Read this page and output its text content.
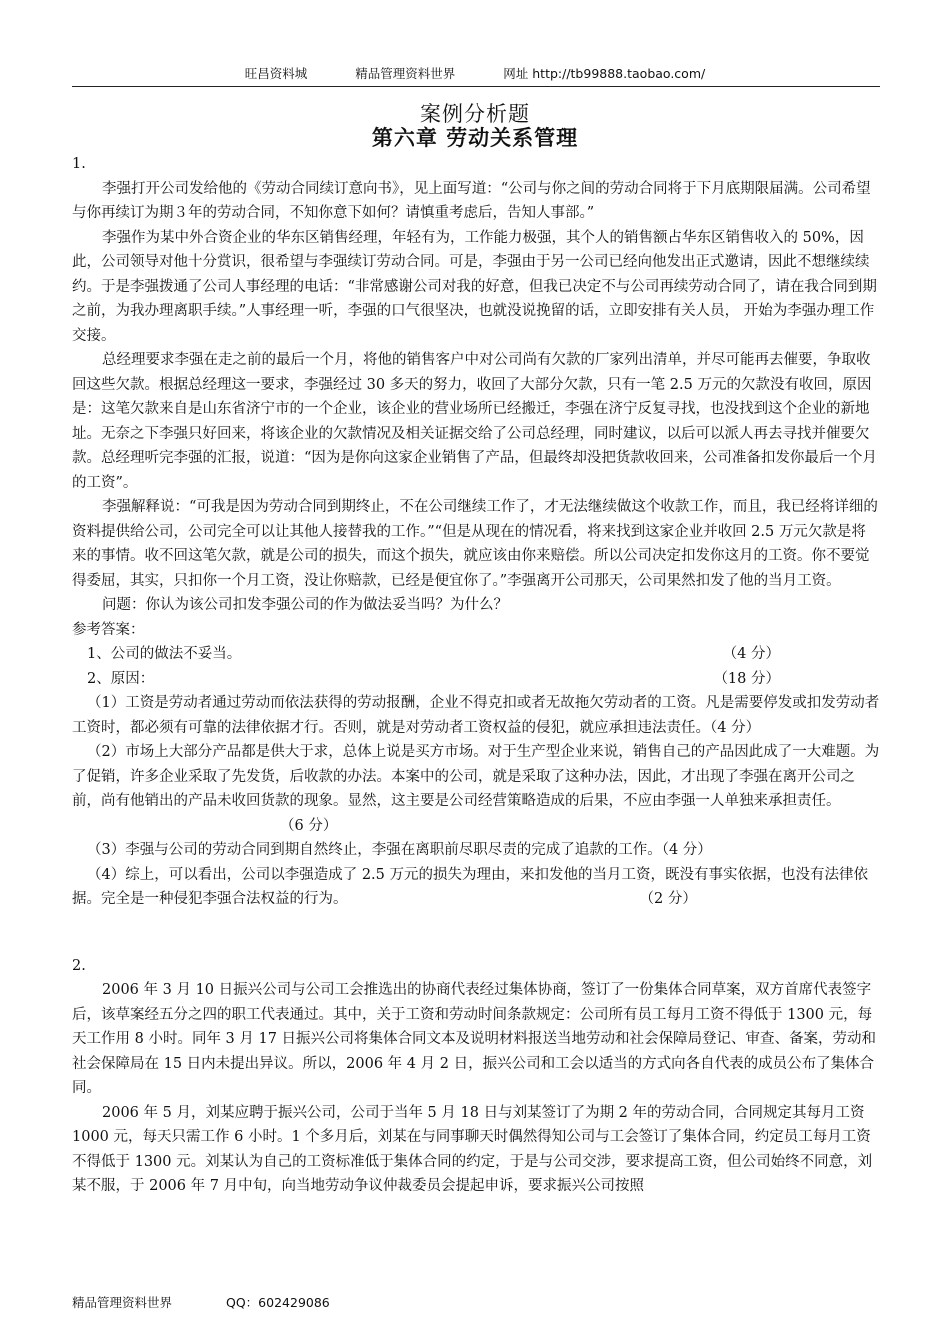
旺昌资料城	精品管理资料世界	网址 http://tb99888.taobao.com/
案例分析题
第六章 劳动关系管理

1.

李强打开公司发给他的《劳动合同续订意向书》，见上面写道：“公司与你之间的劳动合同将于下月底期限届满。公司希望与你再续订为期３年的劳动合同，不知你意下如何？请慎重考虑后，告知人事部。”

李强作为某中外合资企业的华东区销售经理，年轻有为，工作能力极强，其个人的销售额占华东区销售收入的 50%，因此，公司领导对他十分赏识，很希望与李强续订劳动合同。可是，李强由于另一公司已经向他发出正式邀请，因此不想继续续约。于是李强拨通了公司人事经理的电话：“非常感谢公司对我的好意，但我已决定不与公司再续劳动合同了，请在我合同到期之前，为我办理离职手续。”人事经理一听，李强的口气很坚决，也就没说挽留的话，立即安排有关人员， 开始为李强办理工作交接。

总经理要求李强在走之前的最后一个月，将他的销售客户中对公司尚有欠款的厂家列出清单，并尽可能再去催要，争取收回这些欠款。根据总经理这一要求，李强经过 30 多天的努力，收回了大部分欠款，只有一笔 2.5 万元的欠款没有收回，原因是：这笔欠款来自是山东省济宁市的一个企业，该企业的营业场所已经搬迁，李强在济宁反复寻找，也没找到这个企业的新地址。无奈之下李强只好回来，将该企业的欠款情况及相关证据交给了公司总经理，同时建议，以后可以派人再去寻找并催要欠款。总经理听完李强的汇报，说道：“因为是你向这家企业销售了产品，但最终却没把货款收回来，公司准备扣发你最后一个月的工资”。

李强解释说：“可我是因为劳动合同到期终止，不在公司继续工作了，才无法继续做这个收款工作，而且，我已经将详细的资料提供给公司，公司完全可以让其他人接替我的工作。”“但是从现在的情况看，将来找到这家企业并收回 2.5 万元欠款是将来的事情。收不回这笔欠款，就是公司的损失，而这个损失，就应该由你来赔偿。所以公司决定扣发你这月的工资。你不要觉得委屈，其实，只扣你一个月工资，没让你赔款，已经是便宜你了。”李强离开公司那天，公司果然扣发了他的当月工资。

问题：你认为该公司扣发李强公司的作为做法妥当吗？为什么？

参考答案：

1、公司的做法不妥当。	（4 分）
2、原因：	（18 分）

（1）工资是劳动者通过劳动而依法获得的劳动报酬，企业不得克扣或者无故拖欠劳动者的工资。凡是需要停发或扣发劳动者工资时，都必须有可靠的法律依据才行。否则，就是对劳动者工资权益的侵犯，就应承担违法责任。（4 分）

（2）市场上大部分产品都是供大于求，总体上说是买方市场。对于生产型企业来说，销售自己的产品因此成了一大难题。为了促销，许多企业采取了先发货，后收款的办法。本案中的公司，就是采取了这种办法，因此，才出现了李强在离开公司之前，尚有他销出的产品未收回货款的现象。显然，这主要是公司经营策略造成的后果，不应由李强一人单独来承担责任。（6 分）

（3）李强与公司的劳动合同到期自然终止，李强在离职前尽职尽责的完成了追款的工作。（4 分）

（4）综上，可以看出，公司以李强造成了 2.5 万元的损失为理由，来扣发他的当月工资，既没有事实依据，也没有法律依据。完全是一种侵犯李强合法权益的行为。	（2 分）

2.

2006 年 3 月 10 日振兴公司与公司工会推选出的协商代表经过集体协商，签订了一份集体合同草案，双方首席代表签字后，该草案经五分之四的职工代表通过。其中，关于工资和劳动时间条款规定：公司所有员工每月工资不得低于 1300 元，每天工作用 8 小时。同年 3 月 17 日振兴公司将集体合同文本及说明材料报送当地劳动和社会保障局登记、审查、备案，劳动和社会保障局在 15 日内未提出异议。所以，2006 年 4 月 2 日，振兴公司和工会以适当的方式向各自代表的成员公布了集体合同。

2006 年 5 月，刘某应聘于振兴公司，公司于当年 5 月 18 日与刘某签订了为期 2 年的劳动合同，合同规定其每月工资 1000 元，每天只需工作 6 小时。1 个多月后，刘某在与同事聊天时偶然得知公司与工会签订了集体合同，约定员工每月工资不得低于 1300 元。刘某认为自己的工资标准低于集体合同的约定，于是与公司交涉，要求提高工资，但公司始终不同意，刘某不服，于 2006 年 7 月中旬，向当地劳动争议仲裁委员会提起申诉，要求振兴公司按照

精品管理资料世界	QQ：602429086
